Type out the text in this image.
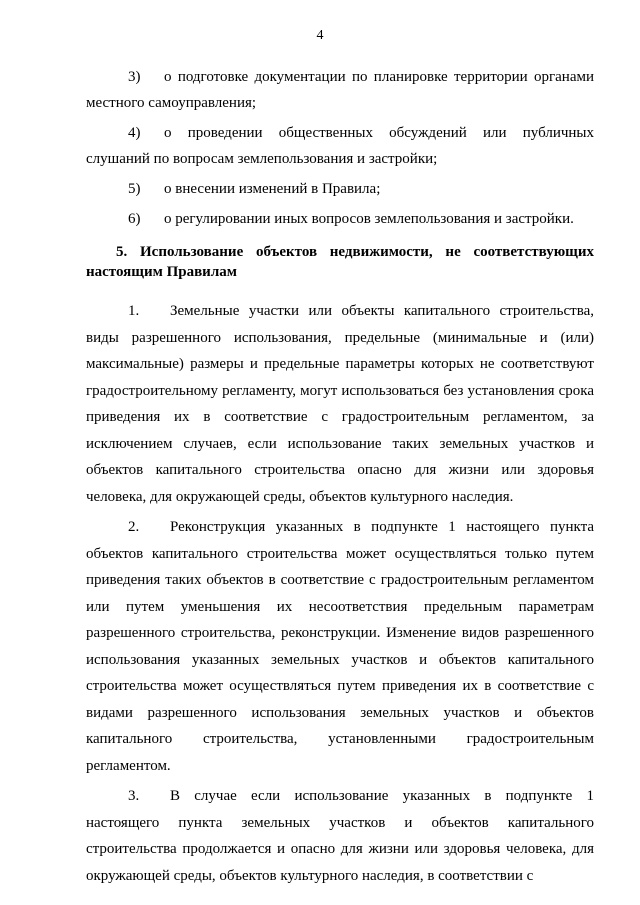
4

3) о подготовке документации по планировке территории органами местного самоуправления;

4) о проведении общественных обсуждений или публичных слушаний по вопросам землепользования и застройки;

5) о внесении изменений в Правила;

6) о регулировании иных вопросов землепользования и застройки.

5. Использование объектов недвижимости, не соответствующих настоящим Правилам

1. Земельные участки или объекты капитального строительства, виды разрешенного использования, предельные (минимальные и (или) максимальные) размеры и предельные параметры которых не соответствуют градостроительному регламенту, могут использоваться без установления срока приведения их в соответствие с градостроительным регламентом, за исключением случаев, если использование таких земельных участков и объектов капитального строительства опасно для жизни или здоровья человека, для окружающей среды, объектов культурного наследия.

2. Реконструкция указанных в подпункте 1 настоящего пункта объектов капитального строительства может осуществляться только путем приведения таких объектов в соответствие с градостроительным регламентом или путем уменьшения их несоответствия предельным параметрам разрешенного строительства, реконструкции. Изменение видов разрешенного использования указанных земельных участков и объектов капитального строительства может осуществляться путем приведения их в соответствие с видами разрешенного использования земельных участков и объектов капитального строительства, установленными градостроительным регламентом.

3. В случае если использование указанных в подпункте 1 настоящего пункта земельных участков и объектов капитального строительства продолжается и опасно для жизни или здоровья человека, для окружающей среды, объектов культурного наследия, в соответствии с
